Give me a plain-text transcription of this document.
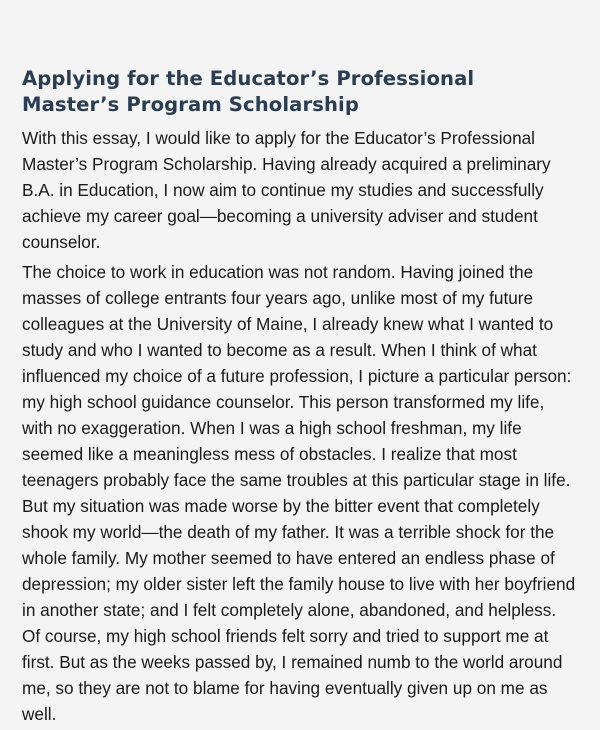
Applying for the Educator’s Professional Master’s Program Scholarship

With this essay, I would like to apply for the Educator’s Professional Master’s Program Scholarship. Having already acquired a preliminary B.A. in Education, I now aim to continue my studies and successfully achieve my career goal—becoming a university adviser and student counselor.

The choice to work in education was not random. Having joined the masses of college entrants four years ago, unlike most of my future colleagues at the University of Maine, I already knew what I wanted to study and who I wanted to become as a result. When I think of what influenced my choice of a future profession, I picture a particular person: my high school guidance counselor. This person transformed my life, with no exaggeration. When I was a high school freshman, my life seemed like a meaningless mess of obstacles. I realize that most teenagers probably face the same troubles at this particular stage in life. But my situation was made worse by the bitter event that completely shook my world—the death of my father. It was a terrible shock for the whole family. My mother seemed to have entered an endless phase of depression; my older sister left the family house to live with her boyfriend in another state; and I felt completely alone, abandoned, and helpless. Of course, my high school friends felt sorry and tried to support me at first. But as the weeks passed by, I remained numb to the world around me, so they are not to blame for having eventually given up on me as well.
